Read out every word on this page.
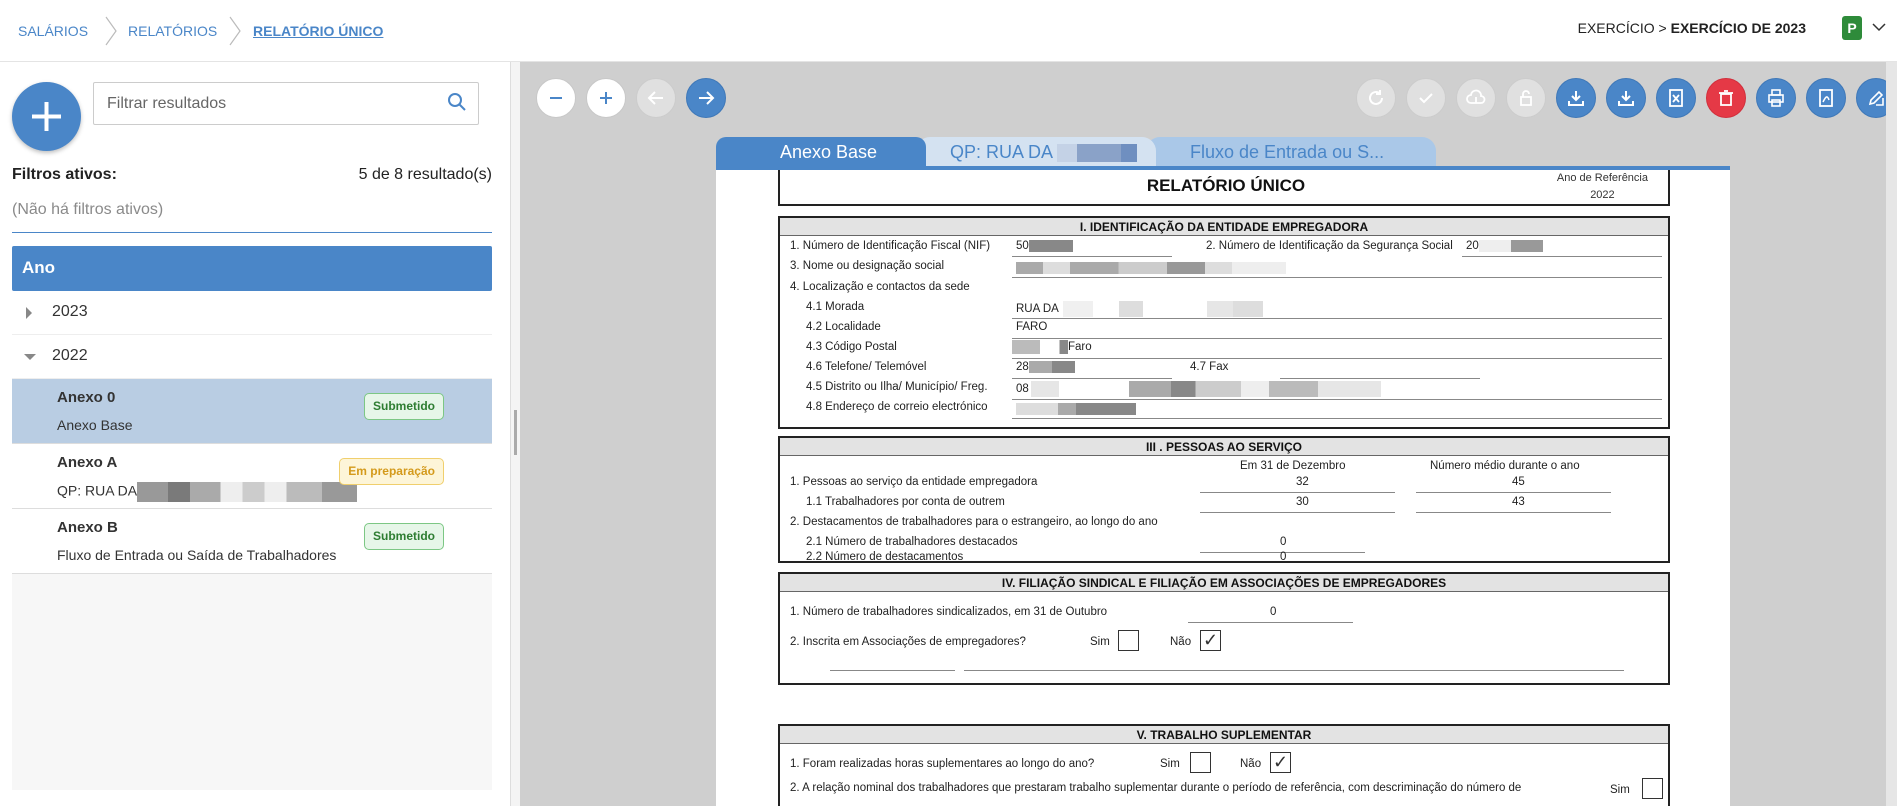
SALÁRIOS	RELATÓRIOS	RELATÓRIO ÚNICO	EXERCÍCIO > EXERCÍCIO DE 2023	P
Filtrar resultados
Filtros ativos:	5 de 8 resultado(s)
(Não há filtros ativos)
Ano
2023
2022
Anexo 0
Anexo Base
Submetido
Anexo A
QP: RUA DA
Em preparação
Anexo B
Fluxo de Entrada ou Saída de Trabalhadores
Submetido
Fluxo de Entrada ou S...
QP: RUA DA
Anexo Base
RELATÓRIO ÚNICO	Ano de Referência
2022
I. IDENTIFICAÇÃO DA ENTIDADE EMPREGADORA
1. Número de Identificação Fiscal (NIF) 50	2. Número de Identificação da Segurança Social 20
3. Nome ou designação social
4. Localização e contactos da sede
4.1 Morada	RUA DA
4.2 Localidade	FARO
4.3 Código Postal	Faro
4.6 Telefone/ Telemóvel	28	4.7 Fax
4.5 Distrito ou Ilha/ Município/ Freg. 08
4.8 Endereço de correio electrónico
III . PESSOAS AO SERVIÇO
Em 31 de Dezembro	Número médio durante o ano
1. Pessoas ao serviço da entidade empregadora	32	45
1.1 Trabalhadores por conta de outrem	30	43
2. Destacamentos de trabalhadores para o estrangeiro, ao longo do ano
2.1 Número de trabalhadores destacados	0
2.2 Número de destacamentos	0
IV. FILIAÇÃO SINDICAL E FILIAÇÃO EM ASSOCIAÇÕES DE EMPREGADORES
1. Número de trabalhadores sindicalizados, em 31 de Outubro	0
2. Inscrita em Associações de empregadores?	Sim	Não ✓
V. TRABALHO SUPLEMENTAR
1. Foram realizadas horas suplementares ao longo do ano?	Sim	Não ✓
2. A relação nominal dos trabalhadores que prestaram trabalho suplementar durante o período de referência, com descriminação do número de	Sim
